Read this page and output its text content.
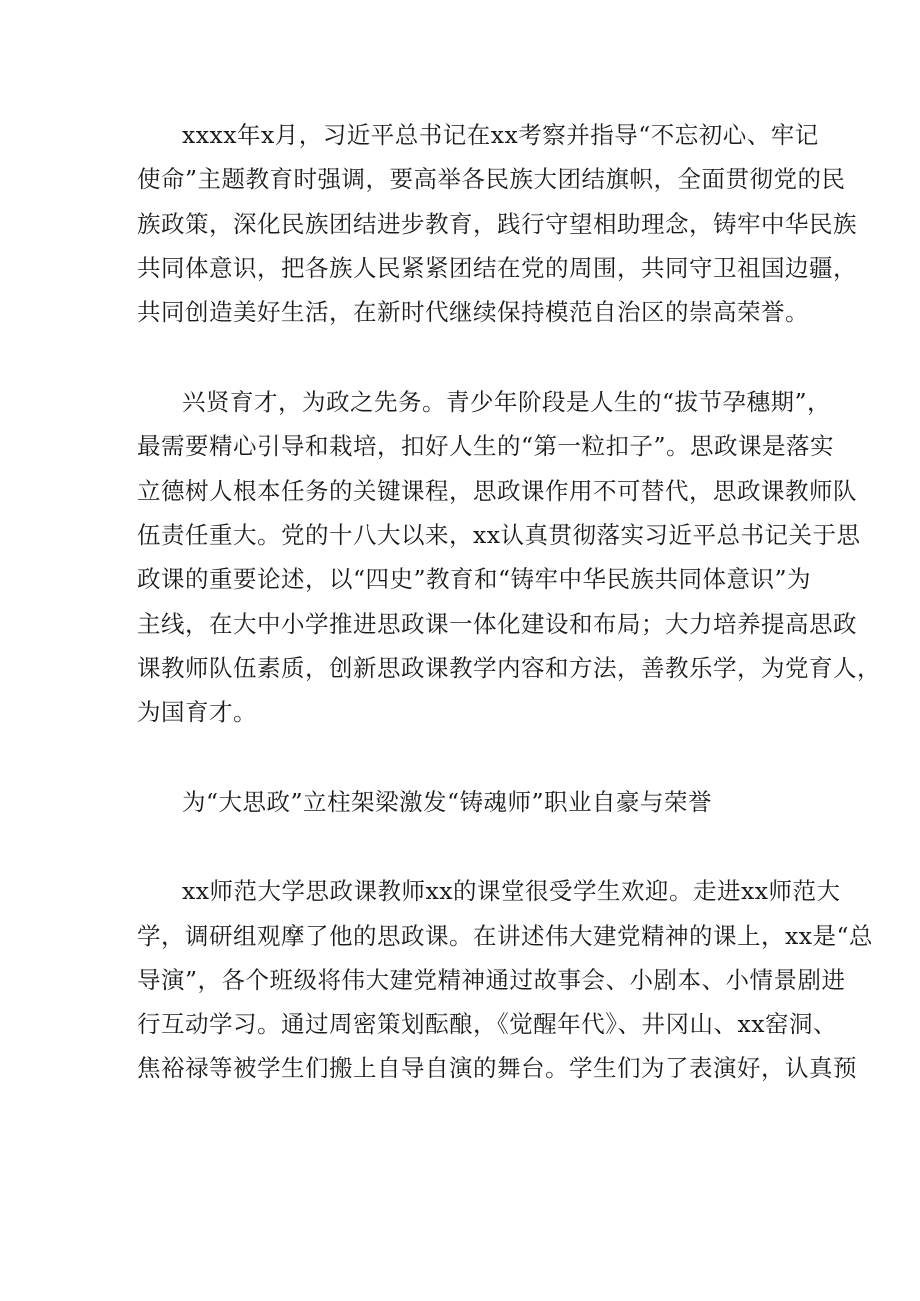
xxxx年x月，习近平总书记在xx考察并指导“不忘初心、牢记
使命”主题教育时强调，要高举各民族大团结旗帜，全面贯彻党的民
族政策，深化民族团结进步教育，践行守望相助理念，铸牢中华民族
共同体意识，把各族人民紧紧团结在党的周围，共同守卫祖国边疆，
共同创造美好生活，在新时代继续保持模范自治区的崇高荣誉。
兴贤育才，为政之先务。青少年阶段是人生的“拔节孕穗期”，
最需要精心引导和栽培，扣好人生的“第一粒扣子”。思政课是落实
立德树人根本任务的关键课程，思政课作用不可替代，思政课教师队
伍责任重大。党的十八大以来，xx认真贯彻落实习近平总书记关于思
政课的重要论述，以“四史”教育和“铸牢中华民族共同体意识”为
主线，在大中小学推进思政课一体化建设和布局；大力培养提高思政
课教师队伍素质，创新思政课教学内容和方法，善教乐学，为党育人，
为国育才。
为“大思政”立柱架梁激发“铸魂师”职业自豪与荣誉
xx师范大学思政课教师xx的课堂很受学生欢迎。走进xx师范大
学，调研组观摩了他的思政课。在讲述伟大建党精神的课上，xx是“总
导演”，各个班级将伟大建党精神通过故事会、小剧本、小情景剧进
行互动学习。通过周密策划酝酿，《觉醒年代》、井冈山、xx窑洞、
焦裕禄等被学生们搬上自导自演的舞台。学生们为了表演好，认真预
